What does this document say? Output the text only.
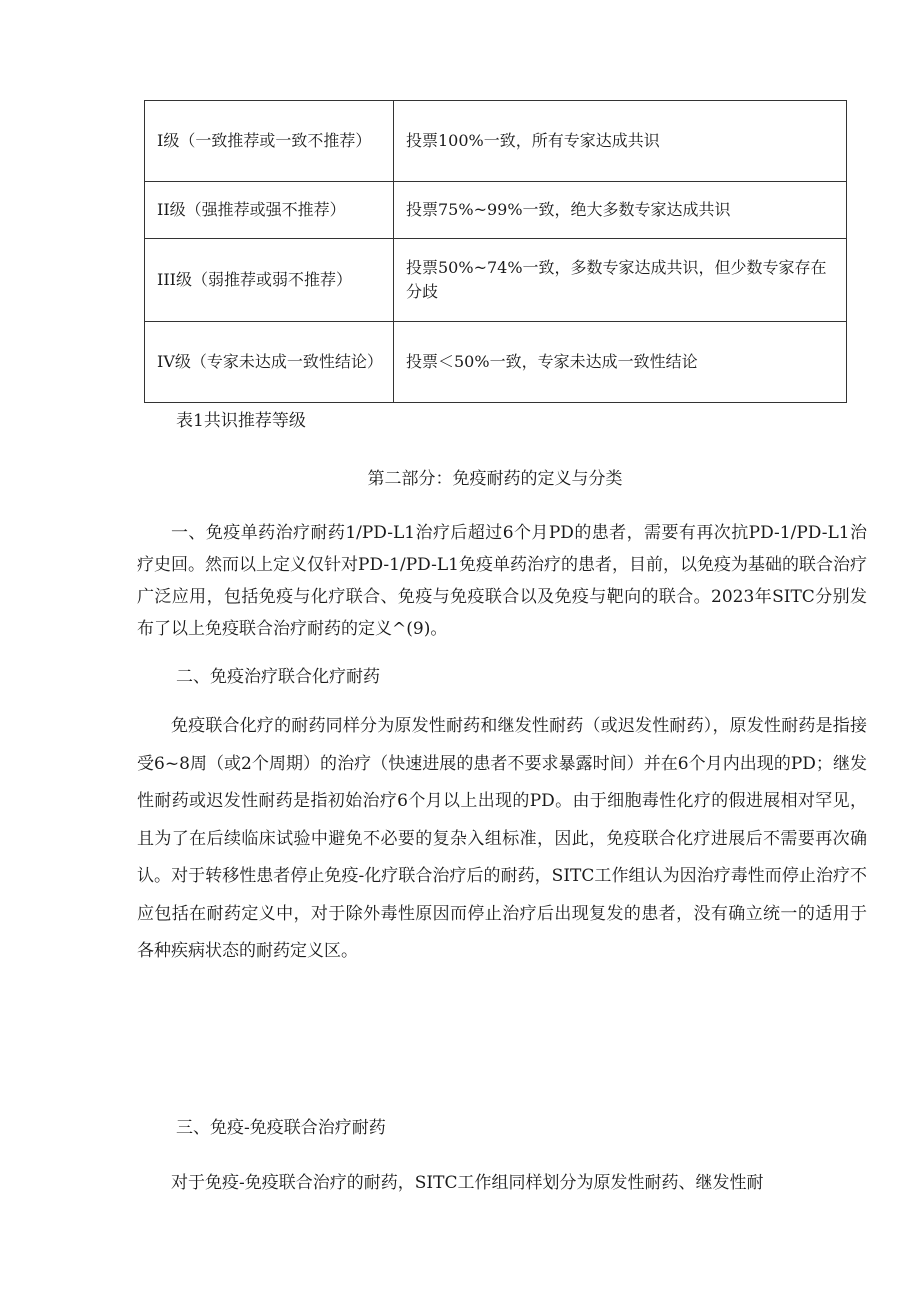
I级（一致推荐或一致不推荐）	投票100%一致，所有专家达成共识
II级（强推荐或强不推荐）	投票75%~99%一致，绝大多数专家达成共识
III级（弱推荐或弱不推荐）	投票50%~74%一致，多数专家达成共识，但少数专家存在分歧
IV级（专家未达成一致性结论）	投票＜50%一致，专家未达成一致性结论
表1共识推荐等级
第二部分：免疫耐药的定义与分类

一、免疫单药治疗耐药1/PD-L1治疗后超过6个月PD的患者，需要有再次抗PD-1/PD-L1治疗史回。然而以上定义仅针对PD-1/PD-L1免疫单药治疗的患者，目前，以免疫为基础的联合治疗广泛应用，包括免疫与化疗联合、免疫与免疫联合以及免疫与靶向的联合。2023年SITC分别发布了以上免疫联合治疗耐药的定义^(9)。

二、免疫治疗联合化疗耐药

免疫联合化疗的耐药同样分为原发性耐药和继发性耐药（或迟发性耐药），原发性耐药是指接受6~8周（或2个周期）的治疗（快速进展的患者不要求暴露时间）并在6个月内出现的PD；继发性耐药或迟发性耐药是指初始治疗6个月以上出现的PD。由于细胞毒性化疗的假进展相对罕见，且为了在后续临床试验中避免不必要的复杂入组标准，因此，免疫联合化疗进展后不需要再次确认。对于转移性患者停止免疫-化疗联合治疗后的耐药，SITC工作组认为因治疗毒性而停止治疗不应包括在耐药定义中，对于除外毒性原因而停止治疗后出现复发的患者，没有确立统一的适用于各种疾病状态的耐药定义区。

三、免疫-免疫联合治疗耐药

对于免疫-免疫联合治疗的耐药，SITC工作组同样划分为原发性耐药、继发性耐
